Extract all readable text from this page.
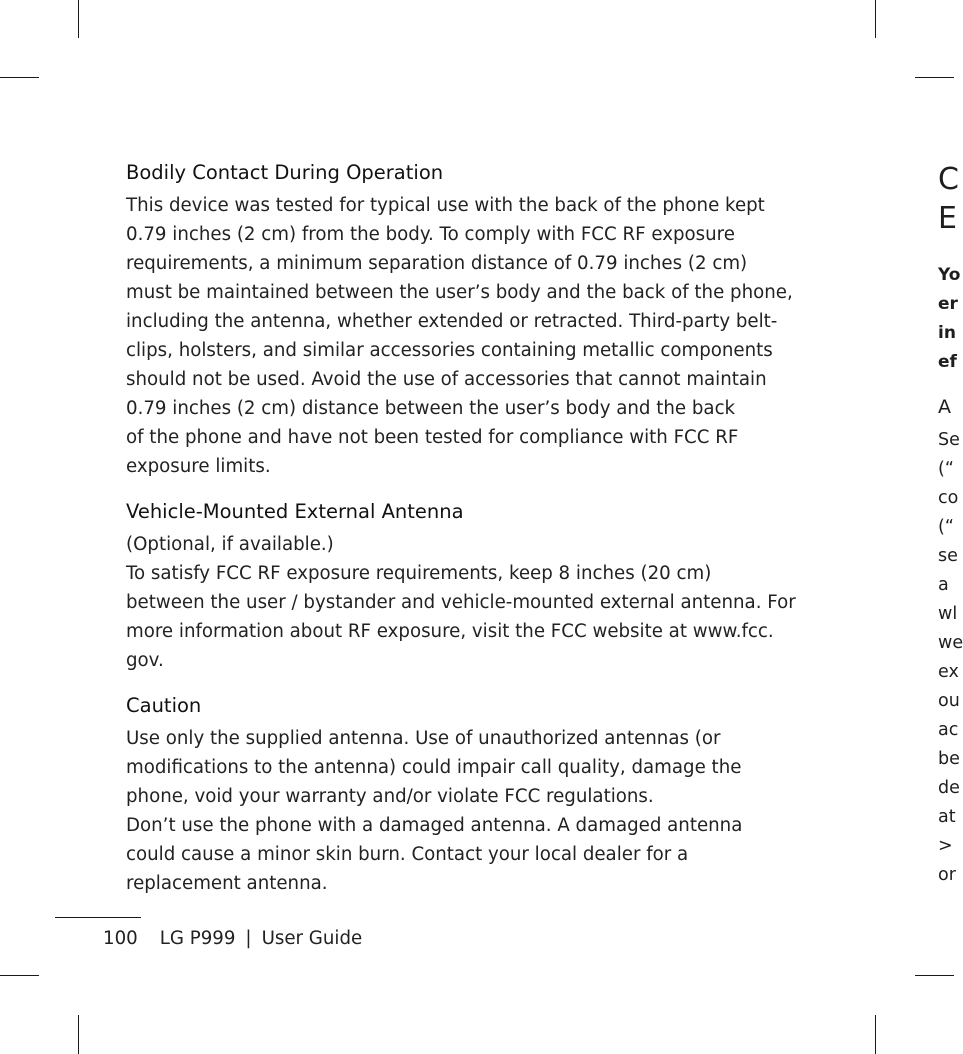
Bodily Contact During Operation

This device was tested for typical use with the back of the phone kept
0.79 inches (2 cm) from the body. To comply with FCC RF exposure
requirements, a minimum separation distance of 0.79 inches (2 cm)
must be maintained between the user’s body and the back of the phone,
including the antenna, whether extended or retracted. Third-party belt-
clips, holsters, and similar accessories containing metallic components
should not be used. Avoid the use of accessories that cannot maintain
0.79 inches (2 cm) distance between the user’s body and the back
of the phone and have not been tested for compliance with FCC RF
exposure limits.

Vehicle-Mounted External Antenna

(Optional, if available.)
To satisfy FCC RF exposure requirements, keep 8 inches (20 cm)
between the user / bystander and vehicle-mounted external antenna. For
more information about RF exposure, visit the FCC website at www.fcc.
gov.

Caution

Use only the supplied antenna. Use of unauthorized antennas (or
modifications to the antenna) could impair call quality, damage the
phone, void your warranty and/or violate FCC regulations.
Don’t use the phone with a damaged antenna. A damaged antenna
could cause a minor skin burn. Contact your local dealer for a
replacement antenna.

100 LG P999 | User Guide
C
E
Yo
er
in
ef
A
Se
(“
co
(“
se
a
wl
we
ex
ou
ac
be
de
at
>
or
